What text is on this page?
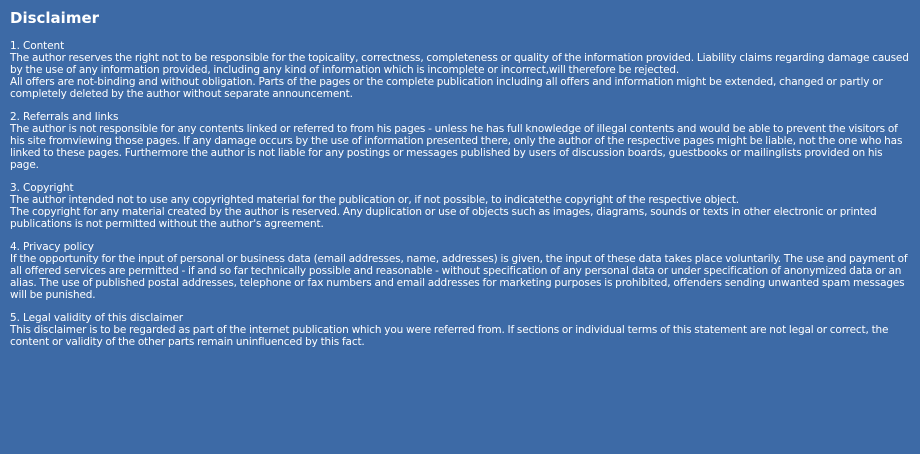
Disclaimer
1. Content
The author reserves the right not to be responsible for the topicality, correctness, completeness or quality of the information provided. Liability claims regarding damage caused by the use of any information provided, including any kind of information which is incomplete or incorrect,will therefore be rejected.
All offers are not-binding and without obligation. Parts of the pages or the complete publication including all offers and information might be extended, changed or partly or completely deleted by the author without separate announcement.
2. Referrals and links
The author is not responsible for any contents linked or referred to from his pages - unless he has full knowledge of illegal contents and would be able to prevent the visitors of his site fromviewing those pages. If any damage occurs by the use of information presented there, only the author of the respective pages might be liable, not the one who has linked to these pages. Furthermore the author is not liable for any postings or messages published by users of discussion boards, guestbooks or mailinglists provided on his page.
3. Copyright
The author intended not to use any copyrighted material for the publication or, if not possible, to indicatethe copyright of the respective object.
The copyright for any material created by the author is reserved. Any duplication or use of objects such as images, diagrams, sounds or texts in other electronic or printed publications is not permitted without the author's agreement.
4. Privacy policy
If the opportunity for the input of personal or business data (email addresses, name, addresses) is given, the input of these data takes place voluntarily. The use and payment of all offered services are permitted - if and so far technically possible and reasonable - without specification of any personal data or under specification of anonymized data or an alias. The use of published postal addresses, telephone or fax numbers and email addresses for marketing purposes is prohibited, offenders sending unwanted spam messages will be punished.
5. Legal validity of this disclaimer
This disclaimer is to be regarded as part of the internet publication which you were referred from. If sections or individual terms of this statement are not legal or correct, the content or validity of the other parts remain uninfluenced by this fact.
